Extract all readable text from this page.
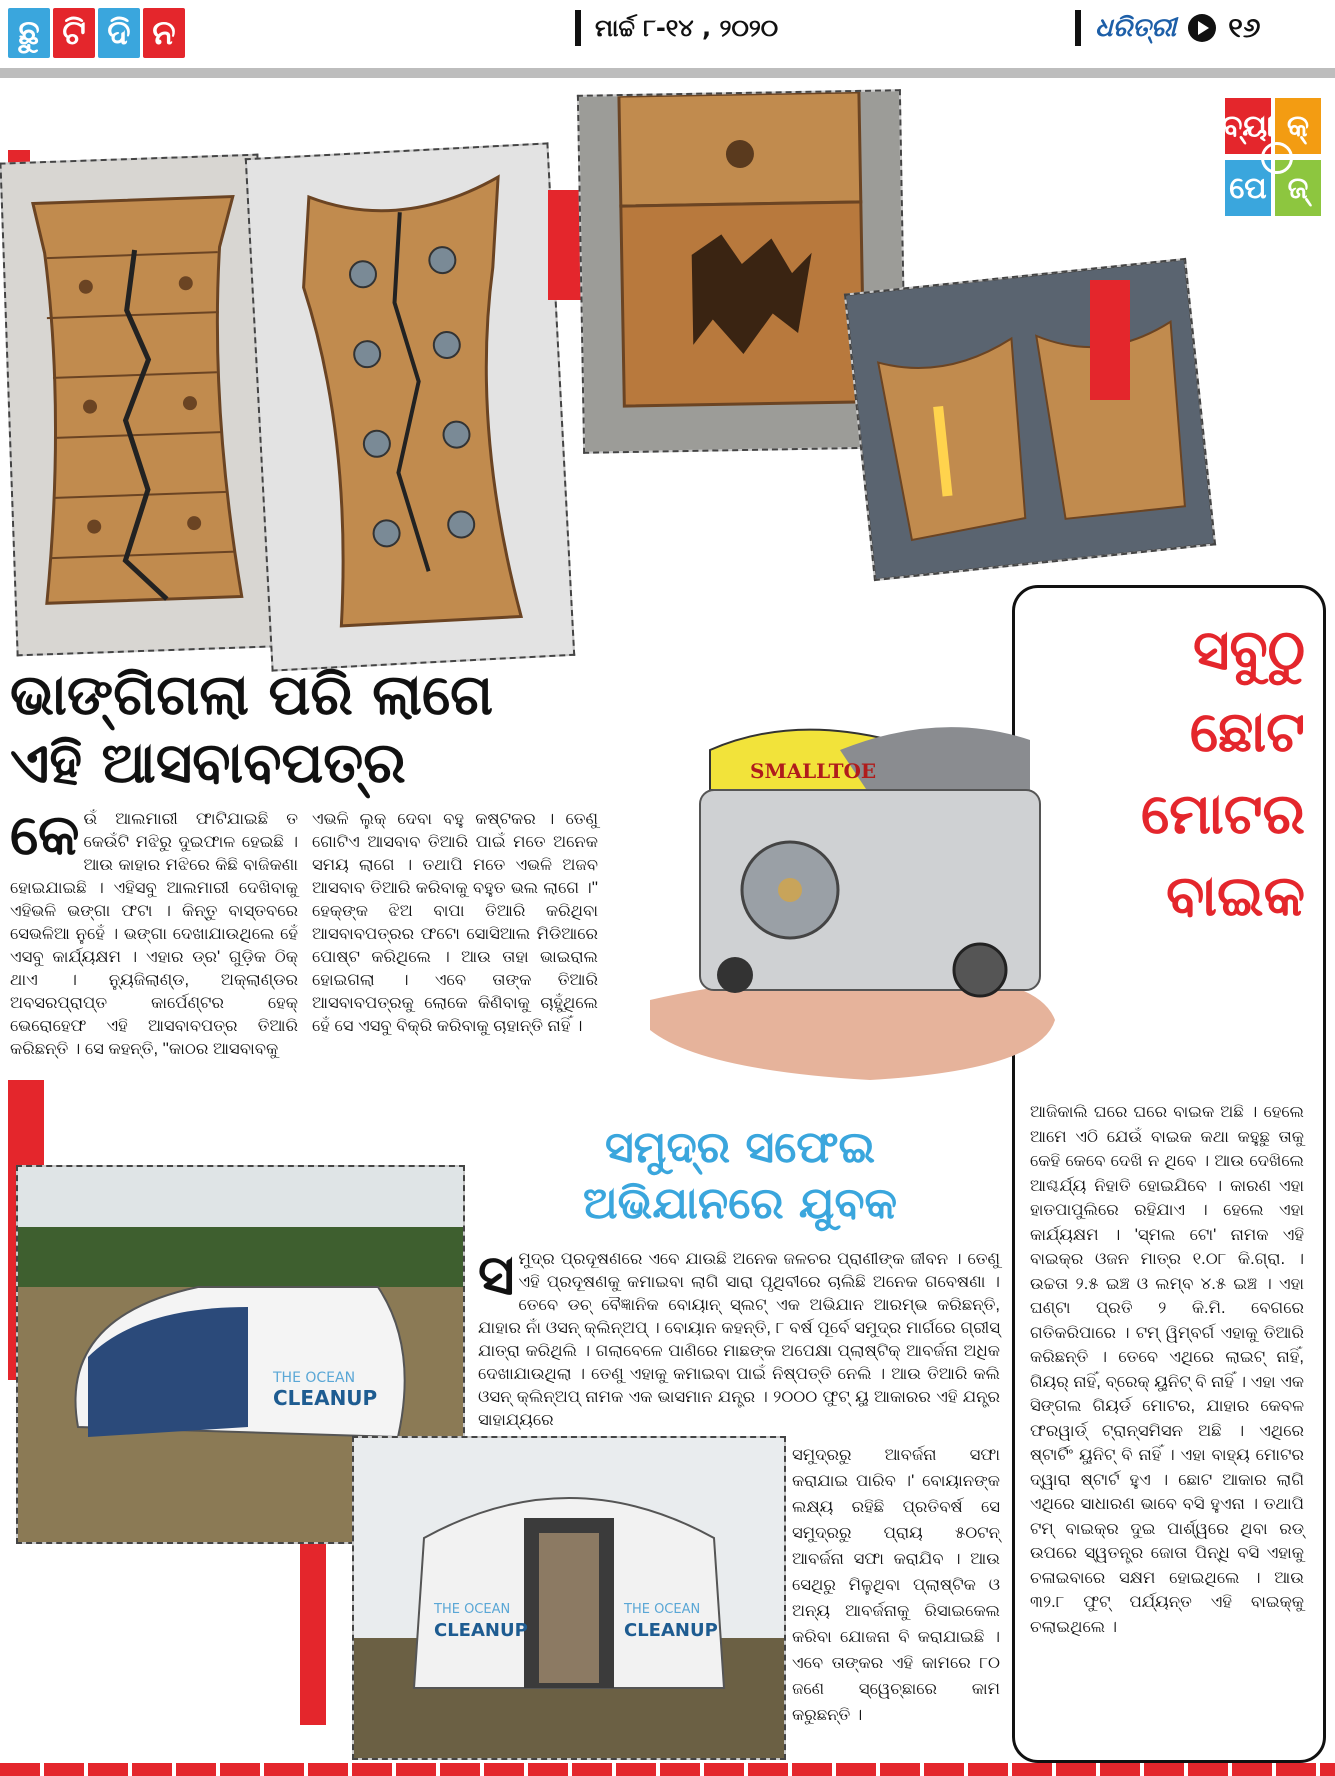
ଛୁ ଟି ଦି ନ	ମାର୍ଚ୍ଚ ୮-୧୪ , ୨୦୨୦	ଧରିତ୍ରୀ ୧୬
ବ୍ୟା କ୍
ପେ ଜ୍
ଭାଙ୍ଗିଗଲା ପରି ଲାଗେ
ଏହି ଆସବାବପତ୍ର
କେ ଉଁ ଆଲମାରୀ ଫାଟିଯାଇଛି ତ କେଉଁଟି ମଝିରୁ ଦୁଇଫାଳ ହେଇଛି । ଆଉ କାହାର ମଝିରେ କିଛି ବାଜିକଣା ହୋଇଯାଇଛି । ଏହିସବୁ ଆଲମାରୀ ଦେଖିବାକୁ ଏହିଭଳି ଭଙ୍ଗା ଫଟା । କିନ୍ତୁ ବାସ୍ତବରେ ସେଭଳିଆ ନୁହେଁ । ଭଙ୍ଗା ଦେଖାଯାଉଥିଲେ ହେଁ ଏସବୁ କାର୍ଯ୍ୟକ୍ଷମ । ଏହାର ଡ୍ର' ଗୁଡ଼ିକ ଠିକ୍ ଥାଏ । ନ୍ୟୁଜିଲାଣ୍ଡ, ଅକ୍ଲାଣ୍ଡର ଅବସରପ୍ରାପ୍ତ କାର୍ପେଣ୍ଟର ହେକ୍ ଭେରୋହେଫ ଏହି ଆସବାବପତ୍ର ତିଆରି କରିଛନ୍ତି । ସେ କହନ୍ତି, ''କାଠର ଆସବାବକୁ
ଏଭଳି ଲୁକ୍ ଦେବା ବହୁ କଷ୍ଟକର । ତେଣୁ ଗୋଟିଏ ଆସବାବ ତିଆରି ପାଇଁ ମତେ ଅନେକ ସମୟ ଲାଗେ । ତଥାପି ମତେ ଏଭଳି ଅଜବ ଆସବାବ ତିଆରି କରିବାକୁ ବହୁତ ଭଲ ଲାଗେ ।'' ହେକ୍ଙ୍କ ଝିଅ ବାପା ତିଆରି କରିଥିବା ଆସବାବପତ୍ରର ଫଟୋ ସୋସିଆଲ ମିଡିଆରେ ପୋଷ୍ଟ କରିଥିଲେ । ଆଉ ତାହା ଭାଇରାଲ ହୋଇଗଲା । ଏବେ ତାଙ୍କ ତିଆରି ଆସବାବପତ୍ରକୁ ଲୋକେ କିଣିବାକୁ ଚାହୁଁଥିଲେ ହେଁ ସେ ଏସବୁ ବିକ୍ରି କରିବାକୁ ଚାହାନ୍ତି ନାହିଁ ।
ସବୁଠୁ
ଛୋଟ
ମୋଟର
ବାଇକ
SMALLTOE
ଆଜିକାଲି ଘରେ ଘରେ ବାଇକ ଅଛି । ହେଲେ ଆମେ ଏଠି ଯେଉଁ ବାଇକ କଥା କହୁଛୁ ତାକୁ କେହି କେବେ ଦେଖି ନ ଥିବେ । ଆଉ ଦେଖିଲେ ଆଶ୍ଚର୍ଯ୍ୟ ନିହାତି ହୋଇଯିବେ । କାରଣ ଏହା ହାତପାପୁଲିରେ ରହିଯାଏ । ହେଲେ ଏହା କାର୍ଯ୍ୟକ୍ଷମ । 'ସ୍ମଲ ଟୋ' ନାମକ ଏହି ବାଇକ୍‌ର ଓଜନ ମାତ୍ର ୧.୦୮ କି.ଗ୍ରା. । ଉଚ୍ଚତା ୨.୫ ଇଞ୍ଚ ଓ ଲମ୍ବ ୪.୫ ଇଞ୍ଚ । ଏହା ଘଣ୍ଟା ପ୍ରତି ୨ କି.ମି. ବେଗରେ ଗତିକରିପାରେ । ଟମ୍ ୱିମ୍‌ବର୍ଗ ଏହାକୁ ତିଆରି କରିଛନ୍ତି । ତେବେ ଏଥିରେ ଲାଇଟ୍ ନାହିଁ, ଗିୟର୍ ନାହିଁ, ବ୍ରେକ୍ ୟୁନିଟ୍ ବି ନାହିଁ । ଏହା ଏକ ସିଙ୍ଗଲ ଗିୟର୍ଡ ମୋଟର, ଯାହାର କେବଳ ଫରୱାର୍ଡ୍ ଟ୍ରାନ୍ସମିସନ ଅଛି । ଏଥିରେ ଷ୍ଟାର୍ଟିଂ ୟୁନିଟ୍ ବି ନାହିଁ । ଏହା ବାହ୍ୟ ମୋଟର ଦ୍ୱାରା ଷ୍ଟାର୍ଟ ହୁଏ । ଛୋଟ ଆକାର ଲାଗି ଏଥିରେ ସାଧାରଣ ଭାବେ ବସି ହୁଏନା । ତଥାପି ଟମ୍ ବାଇକ୍‌ର ଦୁଇ ପାର୍ଶ୍ୱରେ ଥିବା ରଡ୍ ଉପରେ ସ୍ୱତନ୍ତ୍ର ଜୋତା ପିନ୍ଧି ବସି ଏହାକୁ ଚଳାଇବାରେ ସକ୍ଷମ ହୋଇଥିଲେ । ଆଉ ୩୨.୮ ଫୁଟ୍ ପର୍ଯ୍ୟନ୍ତ ଏହି ବାଇକ୍‌କୁ ଚଲାଇଥିଲେ ।
ସମୁଦ୍ର ସଫେଇ
ଅଭିଯାନରେ ଯୁବକ
THE OCEAN
CLEANUP
THE OCEAN
CLEANUP
THE OCEAN
CLEANUP
ସ ମୁଦ୍ର ପ୍ରଦୂଷଣରେ ଏବେ ଯାଉଛି ଅନେକ ଜଳଚର ପ୍ରାଣୀଙ୍କ ଜୀବନ । ତେଣୁ ଏହି ପ୍ରଦୂଷଣକୁ କମାଇବା ଲାଗି ସାରା ପୃଥିବୀରେ ଚାଲିଛି ଅନେକ ଗବେଷଣା । ତେବେ ଡଚ୍ ବୈଜ୍ଞାନିକ ବୋୟାନ୍ ସ୍ଲଟ୍ ଏକ ଅଭିଯାନ ଆରମ୍ଭ କରିଛନ୍ତି, ଯାହାର ନାଁ ଓସନ୍ କ୍ଲିନ୍‌ଅପ୍ । ବୋୟାନ କହନ୍ତି, ୮ ବର୍ଷ ପୂର୍ବେ ସମୁଦ୍ର ମାର୍ଗରେ ଗ୍ରୀସ୍ ଯାତ୍ରା କରିଥିଲି । ଗଲାବେଳେ ପାଣିରେ ମାଛଙ୍କ ଅପେକ୍ଷା ପ୍ଲାଷ୍ଟିକ୍ ଆବର୍ଜନା ଅଧିକ ଦେଖାଯାଉଥିଲା । ତେଣୁ ଏହାକୁ କମାଇବା ପାଇଁ ନିଷ୍ପତ୍ତି ନେଲି । ଆଉ ତିଆରି କଲି ଓସନ୍ କ୍ଲିନ୍‌ଅପ୍ ନାମକ ଏକ ଭାସମାନ ଯନ୍ତ୍ର । ୨୦୦୦ ଫୁଟ୍ ୟୁ ଆକାରର ଏହି ଯନ୍ତ୍ର ସାହାଯ୍ୟରେ
ସମୁଦ୍ରରୁ ଆବର୍ଜନା ସଫା କରାଯାଇ ପାରିବ ।' ବୋୟାନଙ୍କ ଲକ୍ଷ୍ୟ ରହିଛି ପ୍ରତିବର୍ଷ ସେ ସମୁଦ୍ରରୁ ପ୍ରାୟ ୫୦ଟନ୍ ଆବର୍ଜନା ସଫା କରାଯିବ । ଆଉ ସେଥିରୁ ମିଳୁଥିବା ପ୍ଲାଷ୍ଟିକ ଓ ଅନ୍ୟ ଆବର୍ଜନାକୁ ରିସାଇକେଲ କରିବା ଯୋଜନା ବି କରାଯାଇଛି । ଏବେ ତାଙ୍କର ଏହି କାମରେ ୮୦ ଜଣେ ସ୍ୱେଚ୍ଛାରେ କାମ କରୁଛନ୍ତି ।
